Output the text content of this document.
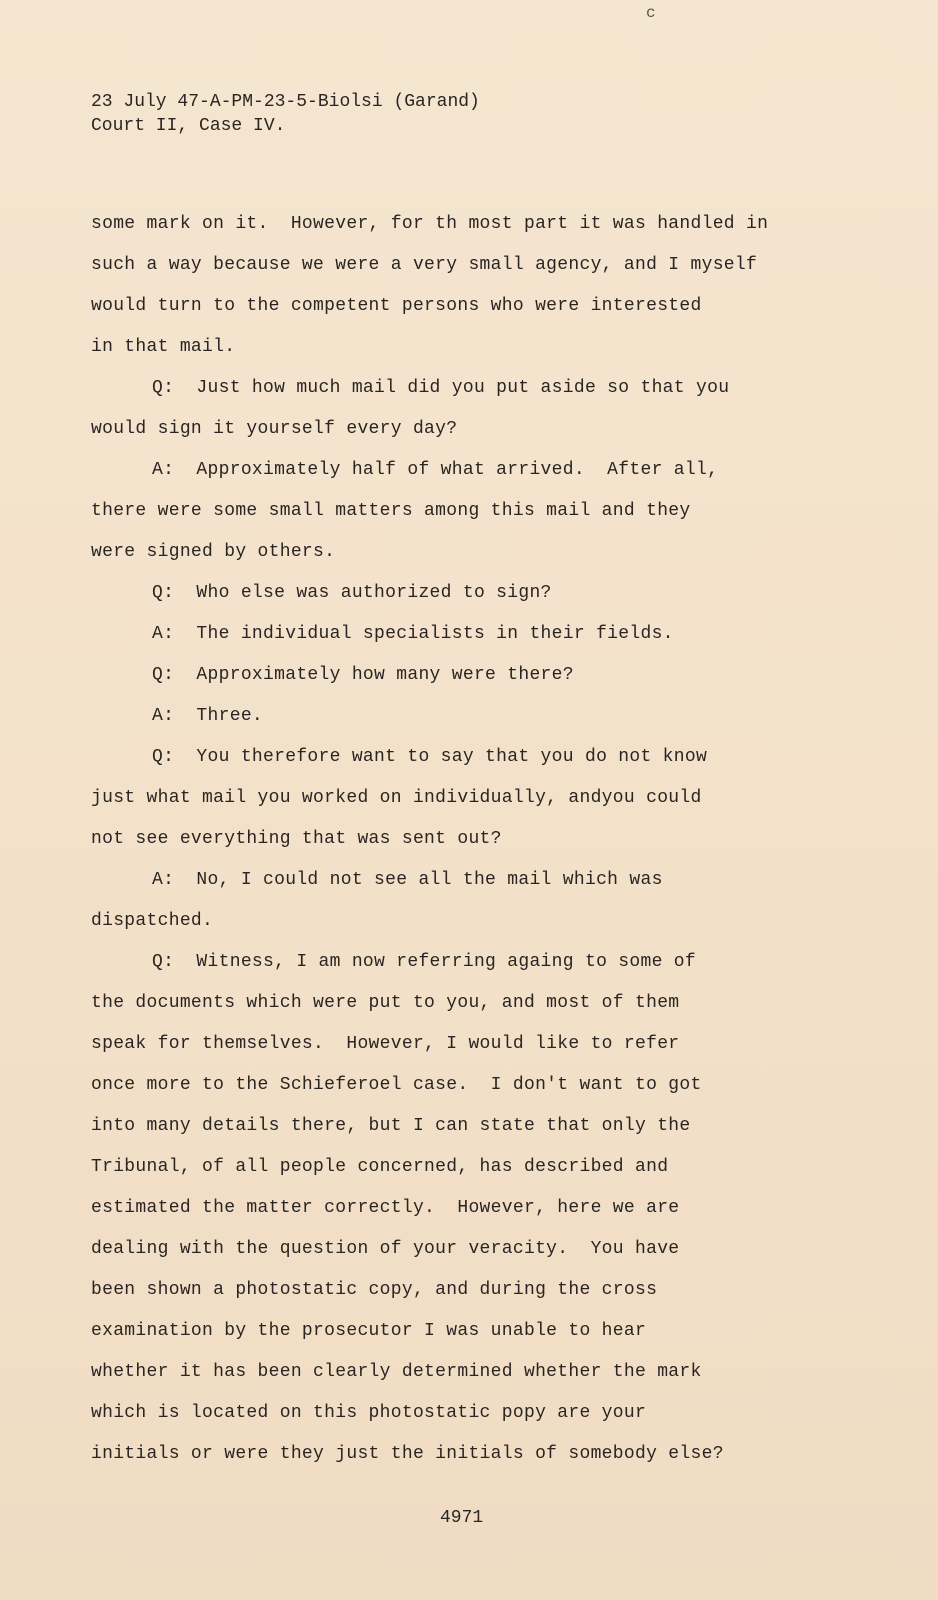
c
23 July 47-A-PM-23-5-Biolsi (Garand)
Court II, Case IV.
some mark on it.  However, for th most part it was handled in
such a way because we were a very small agency, and I myself
would turn to the competent persons who were interested
in that mail.
Q:  Just how much mail did you put aside so that you
would sign it yourself every day?
A:  Approximately half of what arrived.  After all,
there were some small matters among this mail and they
were signed by others.
Q:  Who else was authorized to sign?
A:  The individual specialists in their fields.
Q:  Approximately how many were there?
A:  Three.
Q:  You therefore want to say that you do not know
just what mail you worked on individually, andyou could
not see everything that was sent out?
A:  No, I could not see all the mail which was
dispatched.
Q:  Witness, I am now referring againg to some of
the documents which were put to you, and most of them
speak for themselves.  However, I would like to refer
once more to the Schieferoel case.  I don't want to got
into many details there, but I can state that only the
Tribunal, of all people concerned, has described and
estimated the matter correctly.  However, here we are
dealing with the question of your veracity.  You have
been shown a photostatic copy, and during the cross
examination by the prosecutor I was unable to hear
whether it has been clearly determined whether the mark
which is located on this photostatic popy are your
initials or were they just the initials of somebody else?
4971
